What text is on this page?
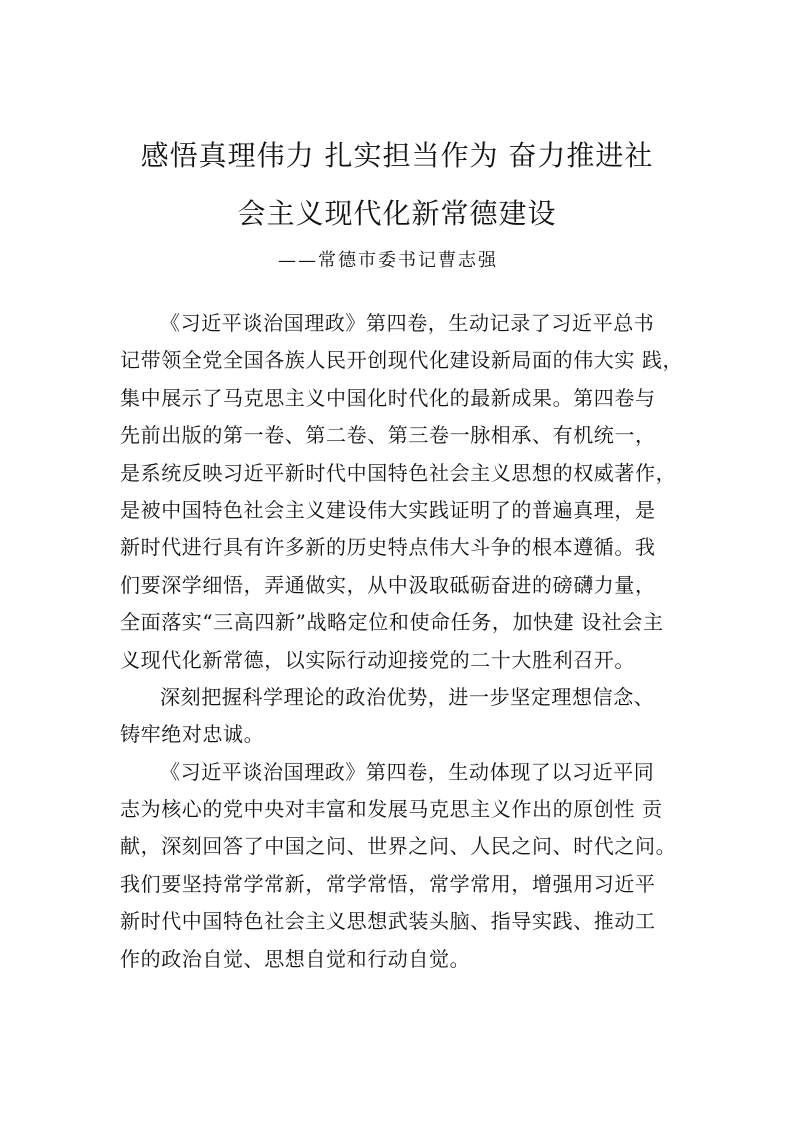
感悟真理伟力 扎实担当作为 奋力推进社
会主义现代化新常德建设
——常德市委书记曹志强
《习近平谈治国理政》第四卷，生动记录了习近平总书
记带领全党全国各族人民开创现代化建设新局面的伟大实 践，
集中展示了马克思主义中国化时代化的最新成果。第四卷与
先前出版的第一卷、第二卷、第三卷一脉相承、有机统一，
是系统反映习近平新时代中国特色社会主义思想的权威著作，
是被中国特色社会主义建设伟大实践证明了的普遍真理，是
新时代进行具有许多新的历史特点伟大斗争的根本遵循。我
们要深学细悟，弄通做实，从中汲取砥砺奋进的磅礴力量，
全面落实“三高四新”战略定位和使命任务，加快建 设社会主
义现代化新常德，以实际行动迎接党的二十大胜利召开。
深刻把握科学理论的政治优势，进一步坚定理想信念、
铸牢绝对忠诚。
《习近平谈治国理政》第四卷，生动体现了以习近平同
志为核心的党中央对丰富和发展马克思主义作出的原创性 贡
献，深刻回答了中国之问、世界之问、人民之问、时代之问。
我们要坚持常学常新，常学常悟，常学常用，增强用习近平
新时代中国特色社会主义思想武装头脑、指导实践、推动工
作的政治自觉、思想自觉和行动自觉。
